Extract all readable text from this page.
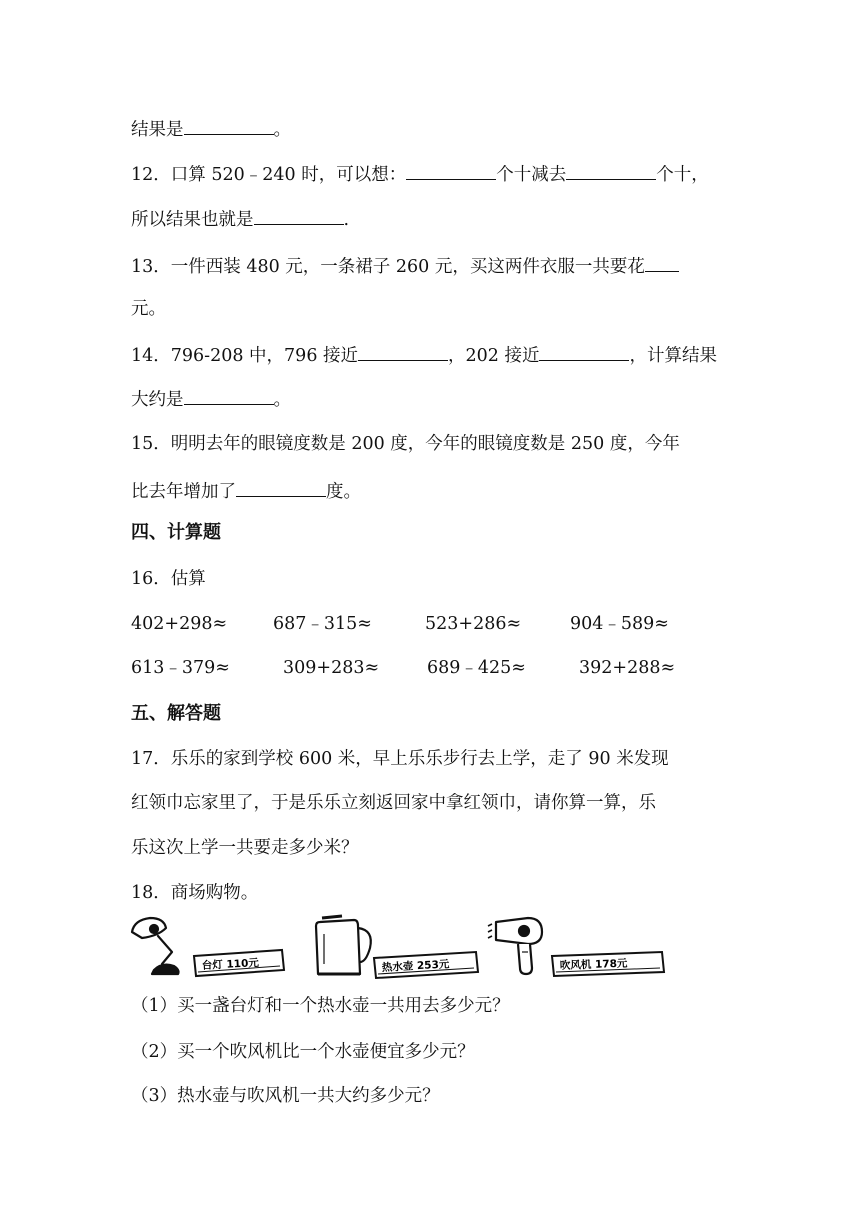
结果是	。
12．口算 520﹣240 时，可以想：	个十减去	个十，
所以结果也就是	.
13．一件西装 480 元，一条裙子 260 元，买这两件衣服一共要花
元。
14．796-208 中，796 接近	，202 接近	，计算结果
大约是	。
15．明明去年的眼镜度数是 200 度，今年的眼镜度数是 250 度，今年
比去年增加了	度。
四、计算题
16．估算
402+298≈	687﹣315≈	523+286≈	904﹣589≈
613﹣379≈	309+283≈	689﹣425≈	392+288≈
五、解答题
17．乐乐的家到学校 600 米，早上乐乐步行去上学，走了 90 米发现
红领巾忘家里了，于是乐乐立刻返回家中拿红领巾，请你算一算，乐
乐这次上学一共要走多少米？
18．商场购物。
台灯 110元	热水壶 253元	吹风机 178元
（1）买一盏台灯和一个热水壶一共用去多少元？
（2）买一个吹风机比一个水壶便宜多少元？
（3）热水壶与吹风机一共大约多少元？
